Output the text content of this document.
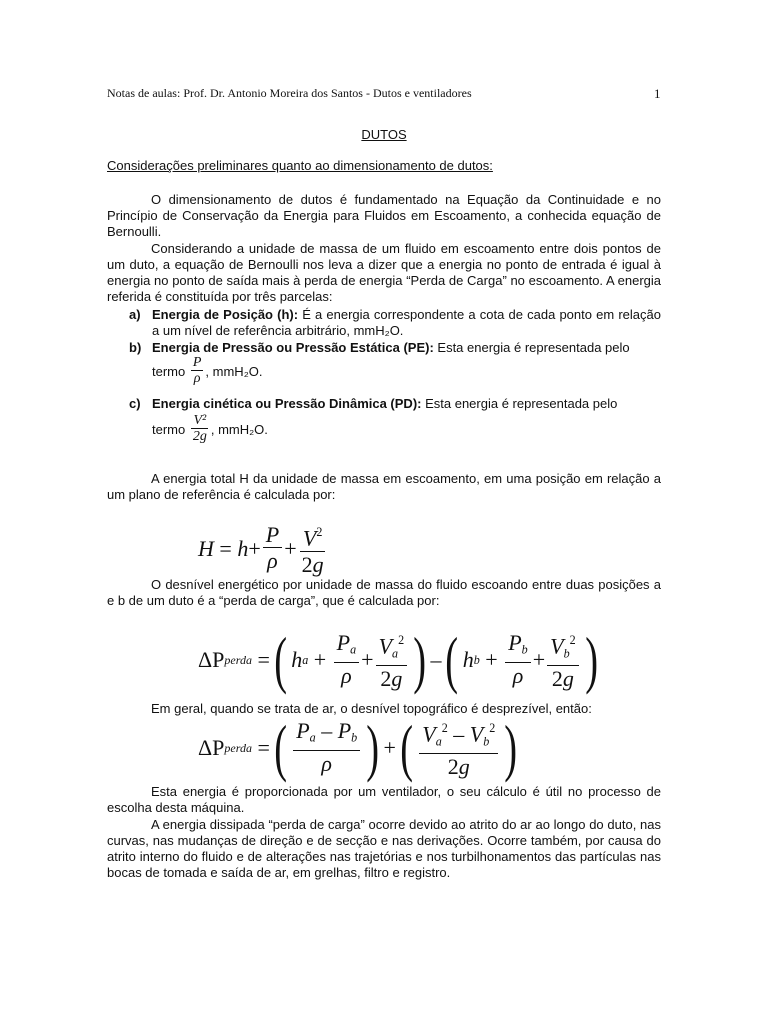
Notas de aulas: Prof. Dr. Antonio Moreira dos Santos - Dutos e ventiladores	1
DUTOS
Considerações preliminares quanto ao dimensionamento de dutos:
O dimensionamento de dutos é fundamentado na Equação da Continuidade e no Princípio de Conservação da Energia para Fluidos em Escoamento, a conhecida equação de Bernoulli.
Considerando a unidade de massa de um fluido em escoamento entre dois pontos de um duto, a equação de Bernoulli nos leva a dizer que a energia no ponto de entrada é igual à energia no ponto de saída mais à perda de energia “Perda de Carga” no escoamento. A energia referida é constituída por três parcelas:
a) Energia de Posição (h): É a energia correspondente a cota de cada ponto em relação a um nível de referência arbitrário, mmH₂O.
b) Energia de Pressão ou Pressão Estática (PE): Esta energia é representada pelo
termo
$\frac{P}{\rho}$ , mmH₂O.
c) Energia cinética ou Pressão Dinâmica (PD): Esta energia é representada pelo
termo
$\frac{\text{V²}}{2g}$ , mmH₂O.
A energia total H da unidade de massa em escoamento, em uma posição em relação a um plano de referência é calculada por:
$H = h + \frac{P}{\rho} + \frac{V^2}{2g}$
O desnível energético por unidade de massa do fluido escoando entre duas posições a e b de um duto é a “perda de carga”, que é calculada por:
ΔP perda = ( h $a + \frac{P_a}{\rho} + \frac{V_a^2}{2g}$ ) – ( h $b + \frac{P_b}{\rho} + \frac{V_b^2}{2g}$ )
Em geral, quando se trata de ar, o desnível topográfico é desprezível, então:
ΔP perda = ( $\frac{P_a - P_b}{\rho}$ ) + ( $\frac{V_a^2 - V_b^2}{2g}$ )
Esta energia é proporcionada por um ventilador, o seu cálculo é útil no processo de escolha desta máquina.
A energia dissipada “perda de carga” ocorre devido ao atrito do ar ao longo do duto, nas curvas, nas mudanças de direção e de secção e nas derivações. Ocorre também, por causa do atrito interno do fluido e de alterações nas trajetórias e nos turbilhonamentos das partículas nas bocas de tomada e saída de ar, em grelhas, filtro e registro.
